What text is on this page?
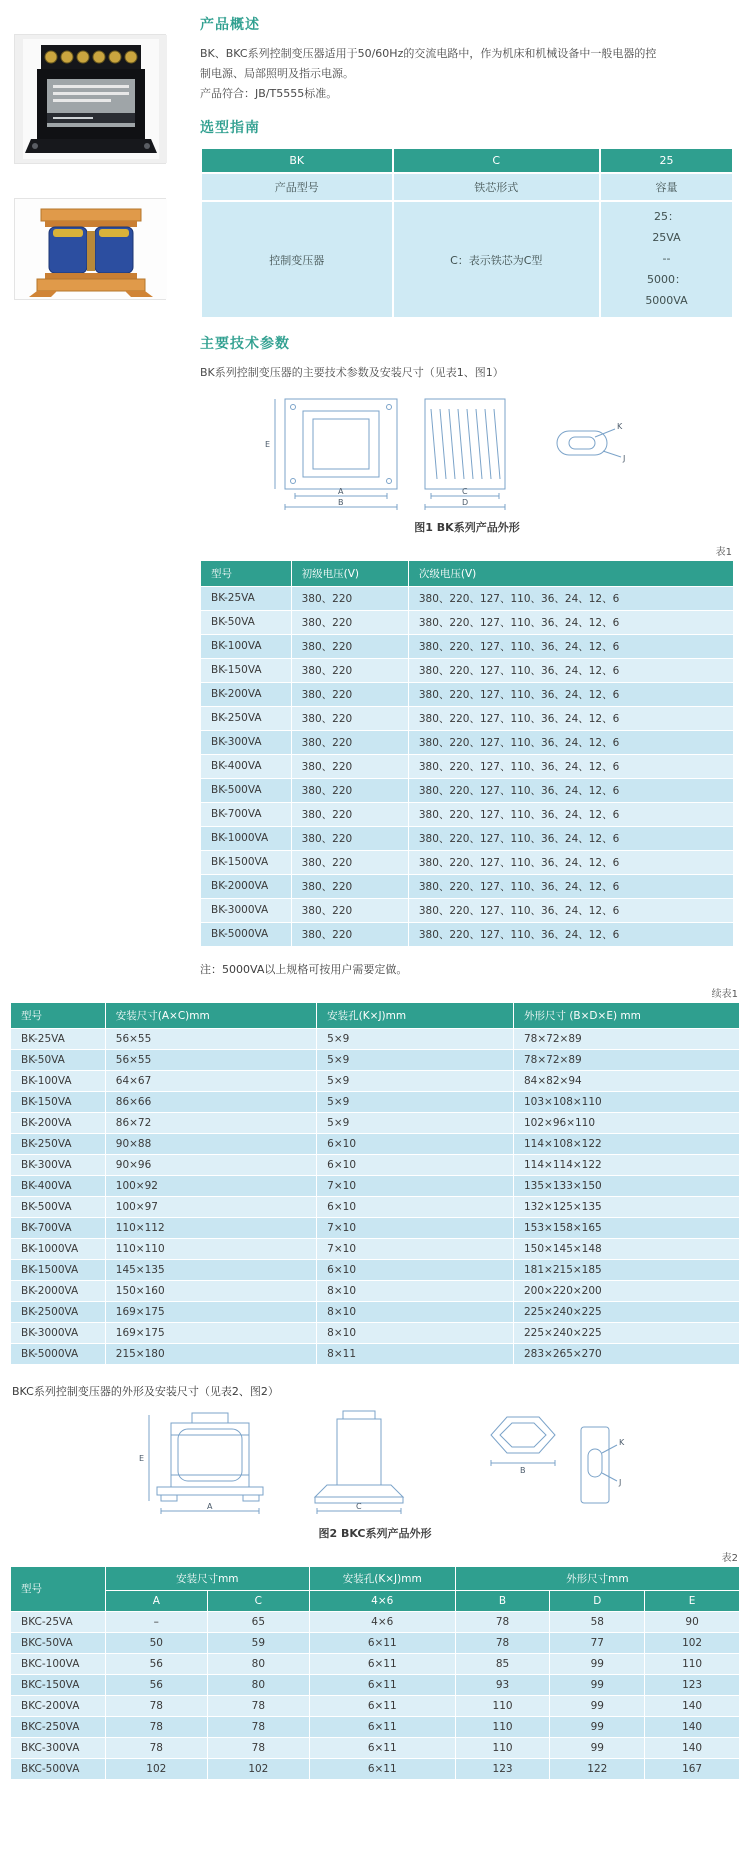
产品概述
BK、BKC系列控制变压器适用于50/60Hz的交流电路中，作为机床和机械设备中一般电器的控
制电源、局部照明及指示电源。
产品符合：JB/T5555标准。
选型指南
BK	C	25
产品型号	铁芯形式	容量
控制变压器	C：表示铁芯为C型	25：
25VA
--
5000：
5000VA
主要技术参数
BK系列控制变压器的主要技术参数及安装尺寸（见表1、图1）
E
A
B
C
D
K
J
图1 BK系列产品外形
表1
型号	初级电压(V)	次级电压(V)
BK-25VA	380、220	380、220、127、110、36、24、12、6
BK-50VA	380、220	380、220、127、110、36、24、12、6
BK-100VA	380、220	380、220、127、110、36、24、12、6
BK-150VA	380、220	380、220、127、110、36、24、12、6
BK-200VA	380、220	380、220、127、110、36、24、12、6
BK-250VA	380、220	380、220、127、110、36、24、12、6
BK-300VA	380、220	380、220、127、110、36、24、12、6
BK-400VA	380、220	380、220、127、110、36、24、12、6
BK-500VA	380、220	380、220、127、110、36、24、12、6
BK-700VA	380、220	380、220、127、110、36、24、12、6
BK-1000VA	380、220	380、220、127、110、36、24、12、6
BK-1500VA	380、220	380、220、127、110、36、24、12、6
BK-2000VA	380、220	380、220、127、110、36、24、12、6
BK-3000VA	380、220	380、220、127、110、36、24、12、6
BK-5000VA	380、220	380、220、127、110、36、24、12、6
注：5000VA以上规格可按用户需要定做。
续表1
型号	安装尺寸(A×C)mm	安装孔(K×J)mm	外形尺寸 (B×D×E) mm
BK-25VA	56×55	5×9	78×72×89
BK-50VA	56×55	5×9	78×72×89
BK-100VA	64×67	5×9	84×82×94
BK-150VA	86×66	5×9	103×108×110
BK-200VA	86×72	5×9	102×96×110
BK-250VA	90×88	6×10	114×108×122
BK-300VA	90×96	6×10	114×114×122
BK-400VA	100×92	7×10	135×133×150
BK-500VA	100×97	6×10	132×125×135
BK-700VA	110×112	7×10	153×158×165
BK-1000VA	110×110	7×10	150×145×148
BK-1500VA	145×135	6×10	181×215×185
BK-2000VA	150×160	8×10	200×220×200
BK-2500VA	169×175	8×10	225×240×225
BK-3000VA	169×175	8×10	225×240×225
BK-5000VA	215×180	8×11	283×265×270
BKC系列控制变压器的外形及安装尺寸（见表2、图2）
E
A	C
B
K
J
图2 BKC系列产品外形
表2
型号	安装尺寸mm		安装孔(K×J)mm	外形尺寸mm		
	A	C	4×6	B	D	E
BKC-25VA	–	65	4×6	78	58	90
BKC-50VA	50	59	6×11	78	77	102
BKC-100VA	56	80	6×11	85	99	110
BKC-150VA	56	80	6×11	93	99	123
BKC-200VA	78	78	6×11	110	99	140
BKC-250VA	78	78	6×11	110	99	140
BKC-300VA	78	78	6×11	110	99	140
BKC-500VA	102	102	6×11	123	122	167
